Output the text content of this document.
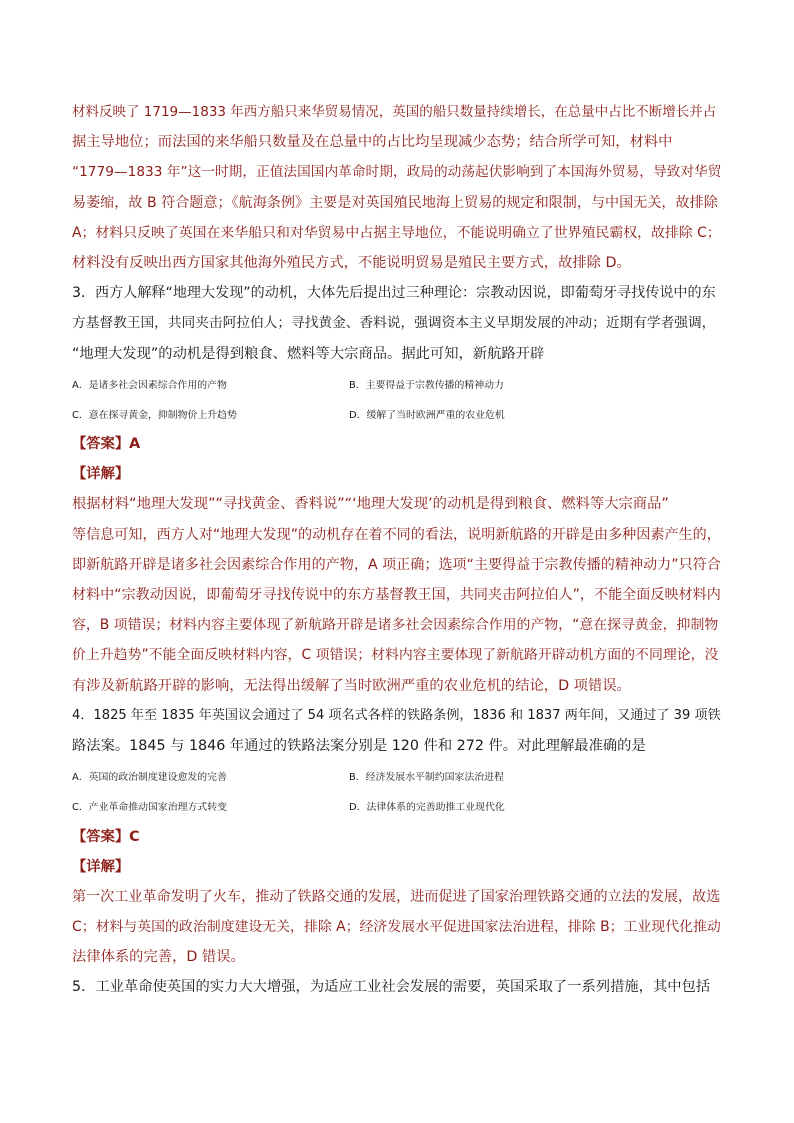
材料反映了 1719—1833 年西方船只来华贸易情况，英国的船只数量持续增长，在总量中占比不断增长并占
据主导地位；而法国的来华船只数量及在总量中的占比均呈现减少态势；结合所学可知，材料中
“1779—1833 年”这一时期，正值法国国内革命时期，政局的动荡起伏影响到了本国海外贸易，导致对华贸
易萎缩，故 B 符合题意；《航海条例》主要是对英国殖民地海上贸易的规定和限制，与中国无关，故排除
A；材料只反映了英国在来华船只和对华贸易中占据主导地位，不能说明确立了世界殖民霸权，故排除 C；
材料没有反映出西方国家其他海外殖民方式，不能说明贸易是殖民主要方式，故排除 D。
3．西方人解释“地理大发现”的动机，大体先后提出过三种理论：宗教动因说，即葡萄牙寻找传说中的东
方基督教王国，共同夹击阿拉伯人；寻找黄金、香料说，强调资本主义早期发展的冲动；近期有学者强调，
“地理大发现”的动机是得到粮食、燃料等大宗商品。据此可知，新航路开辟
A．是诸多社会因素综合作用的产物	B．主要得益于宗教传播的精神动力
C．意在探寻黄金，抑制物价上升趋势	D．缓解了当时欧洲严重的农业危机
【答案】A
【详解】
根据材料“地理大发现”“寻找黄金、香料说”“‘地理大发现’的动机是得到粮食、燃料等大宗商品”
等信息可知，西方人对“地理大发现”的动机存在着不同的看法，说明新航路的开辟是由多种因素产生的，
即新航路开辟是诸多社会因素综合作用的产物，A 项正确；选项“主要得益于宗教传播的精神动力”只符合
材料中“宗教动因说，即葡萄牙寻找传说中的东方基督教王国，共同夹击阿拉伯人”，不能全面反映材料内
容，B 项错误；材料内容主要体现了新航路开辟是诸多社会因素综合作用的产物，“意在探寻黄金，抑制物
价上升趋势”不能全面反映材料内容，C 项错误；材料内容主要体现了新航路开辟动机方面的不同理论，没
有涉及新航路开辟的影响，无法得出缓解了当时欧洲严重的农业危机的结论，D 项错误。
4．1825 年至 1835 年英国议会通过了 54 项名式各样的铁路条例，1836 和 1837 两年间，又通过了 39 项铁
路法案。1845 与 1846 年通过的铁路法案分别是 120 件和 272 件。对此理解最准确的是
A．英国的政治制度建设愈发的完善	B．经济发展水平制约国家法治进程
C．产业革命推动国家治理方式转变	D．法律体系的完善助推工业现代化
【答案】C
【详解】
第一次工业革命发明了火车，推动了铁路交通的发展，进而促进了国家治理铁路交通的立法的发展，故选
C；材料与英国的政治制度建设无关，排除 A；经济发展水平促进国家法治进程，排除 B；工业现代化推动
法律体系的完善，D 错误。
5．工业革命使英国的实力大大增强，为适应工业社会发展的需要，英国采取了一系列措施，其中包括
